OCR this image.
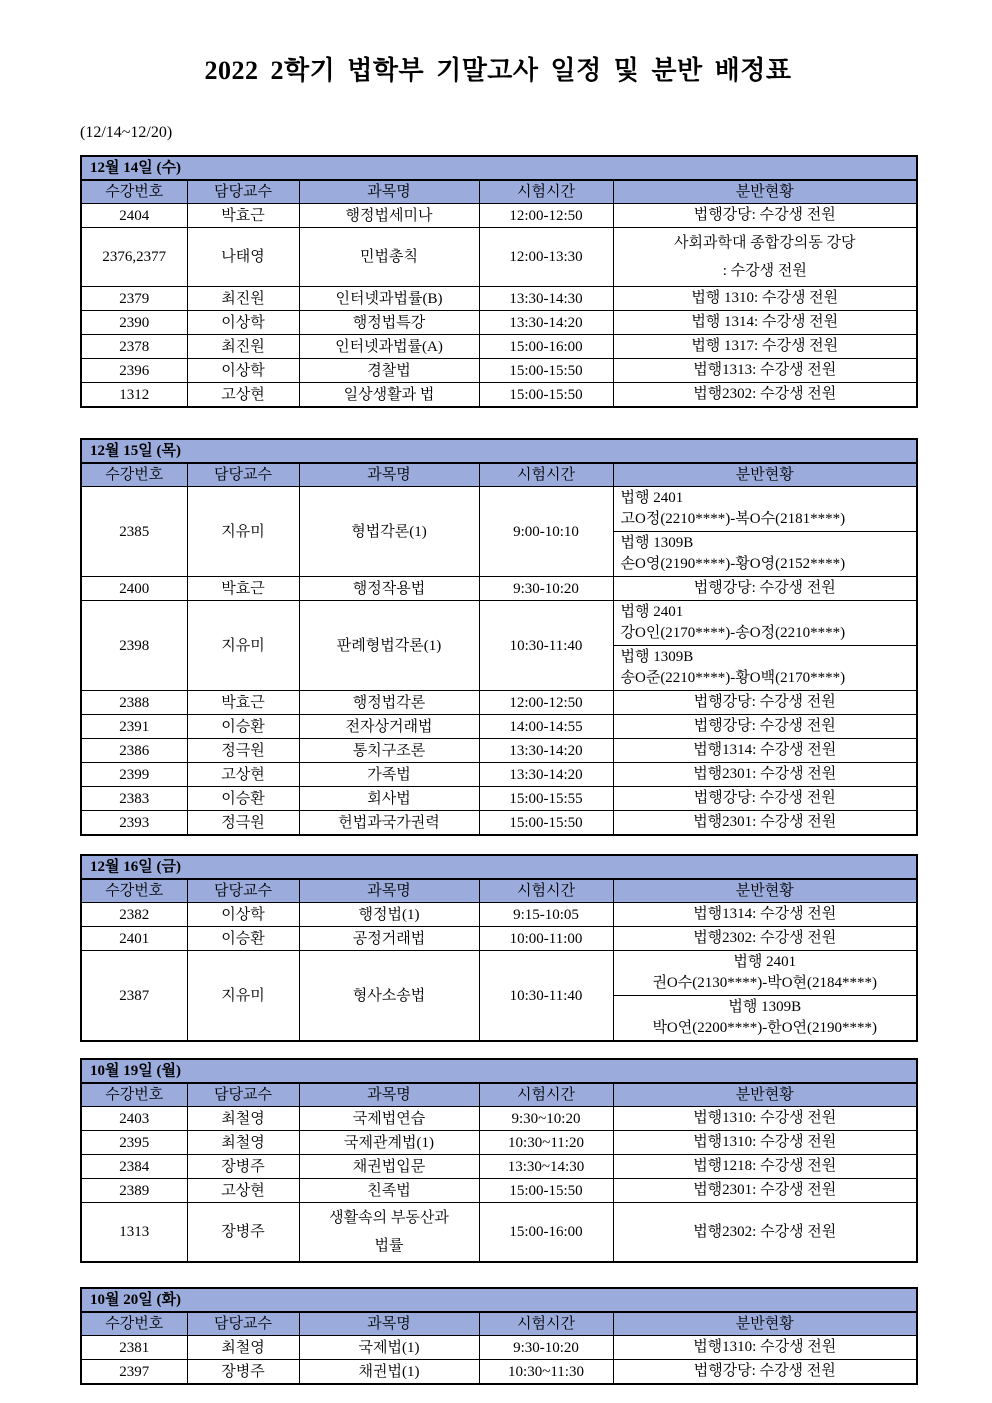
2022 2학기 법학부 기말고사 일정 및 분반 배정표
(12/14~12/20)
12월 14일 (수)				
수강번호	담당교수	과목명	시험시간	분반현황
2404	박효근	행정법세미나	12:00-12:50	법행강당: 수강생 전원

2376,2377	나태영	민법총칙	12:00-13:30	사회과학대 종합강의동 강당
: 수강생 전원

2379	최진원	인터넷과법률(B)	13:30-14:30	법행 1310: 수강생 전원

2390	이상학	행정법특강	13:30-14:20	법행 1314: 수강생 전원

2378	최진원	인터넷과법률(A)	15:00-16:00	법행 1317: 수강생 전원

2396	이상학	경찰법	15:00-15:50	법행1313: 수강생 전원

1312	고상현	일상생활과 법	15:00-15:50	법행2302: 수강생 전원
12월 15일 (목)				
수강번호	담당교수	과목명	시험시간	분반현황
2385	지유미	형법각론(1)	9:00-10:10	법행 2401
고O정(2210****)-복O수(2181****)
법행 1309B
손O영(2190****)-황O영(2152****)

2400	박효근	행정작용법	9:30-10:20	법행강당: 수강생 전원

2398	지유미	판례형법각론(1)	10:30-11:40	법행 2401
강O인(2170****)-송O정(2210****)
법행 1309B
송O준(2210****)-황O백(2170****)

2388	박효근	행정법각론	12:00-12:50	법행강당: 수강생 전원

2391	이승환	전자상거래법	14:00-14:55	법행강당: 수강생 전원

2386	정극원	통치구조론	13:30-14:20	법행1314: 수강생 전원

2399	고상현	가족법	13:30-14:20	법행2301: 수강생 전원

2383	이승환	회사법	15:00-15:55	법행강당: 수강생 전원

2393	정극원	헌법과국가권력	15:00-15:50	법행2301: 수강생 전원
12월 16일 (금)				
수강번호	담당교수	과목명	시험시간	분반현황
2382	이상학	행정법(1)	9:15-10:05	법행1314: 수강생 전원

2401	이승환	공정거래법	10:00-11:00	법행2302: 수강생 전원

2387	지유미	형사소송법	10:30-11:40	법행 2401
권O수(2130****)-박O현(2184****)
법행 1309B
박O연(2200****)-한O연(2190****)
10월 19일 (월)				
수강번호	담당교수	과목명	시험시간	분반현황
2403	최철영	국제법연습	9:30~10:20	법행1310: 수강생 전원

2395	최철영	국제관계법(1)	10:30~11:20	법행1310: 수강생 전원

2384	장병주	채권법입문	13:30~14:30	법행1218: 수강생 전원

2389	고상현	친족법	15:00-15:50	법행2301: 수강생 전원

1313	장병주	생활속의 부동산과
법률	15:00-16:00	법행2302: 수강생 전원
10월 20일 (화)				
수강번호	담당교수	과목명	시험시간	분반현황
2381	최철영	국제법(1)	9:30-10:20	법행1310: 수강생 전원

2397	장병주	채권법(1)	10:30~11:30	법행강당: 수강생 전원
